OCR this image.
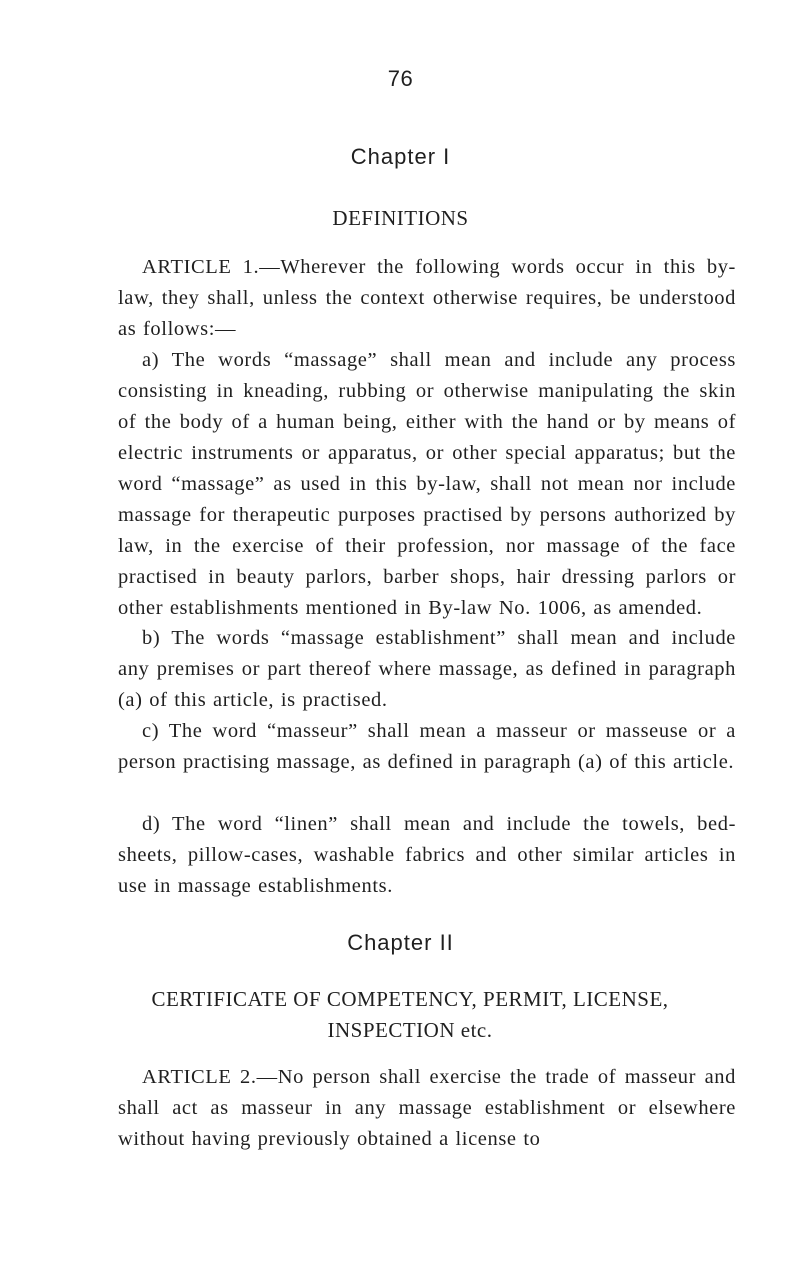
76
Chapter I
DEFINITIONS

ARTICLE 1.—Wherever the following words occur in this by-law, they shall, unless the context otherwise requires, be understood as follows:—

a) The words “massage” shall mean and include any process consisting in kneading, rubbing or otherwise manipulating the skin of the body of a human being, either with the hand or by means of electric instruments or apparatus, or other special apparatus; but the word “massage” as used in this by-law, shall not mean nor include massage for therapeutic purposes practised by persons authorized by law, in the exercise of their profession, nor massage of the face practised in beauty parlors, barber shops, hair dressing parlors or other establishments mentioned in By-law No. 1006, as amended.

b) The words “massage establishment” shall mean and include any premises or part thereof where massage, as defined in paragraph (a) of this article, is practised.

c) The word “masseur” shall mean a masseur or masseuse or a person practising massage, as defined in paragraph (a) of this article.

d) The word “linen” shall mean and include the towels, bed-sheets, pillow-cases, washable fabrics and other similar articles in use in massage establishments.

Chapter II
CERTIFICATE OF COMPETENCY, PERMIT, LICENSE, INSPECTION etc.

ARTICLE 2.—No person shall exercise the trade of masseur and shall act as masseur in any massage establishment or elsewhere without having previously obtained a license to
